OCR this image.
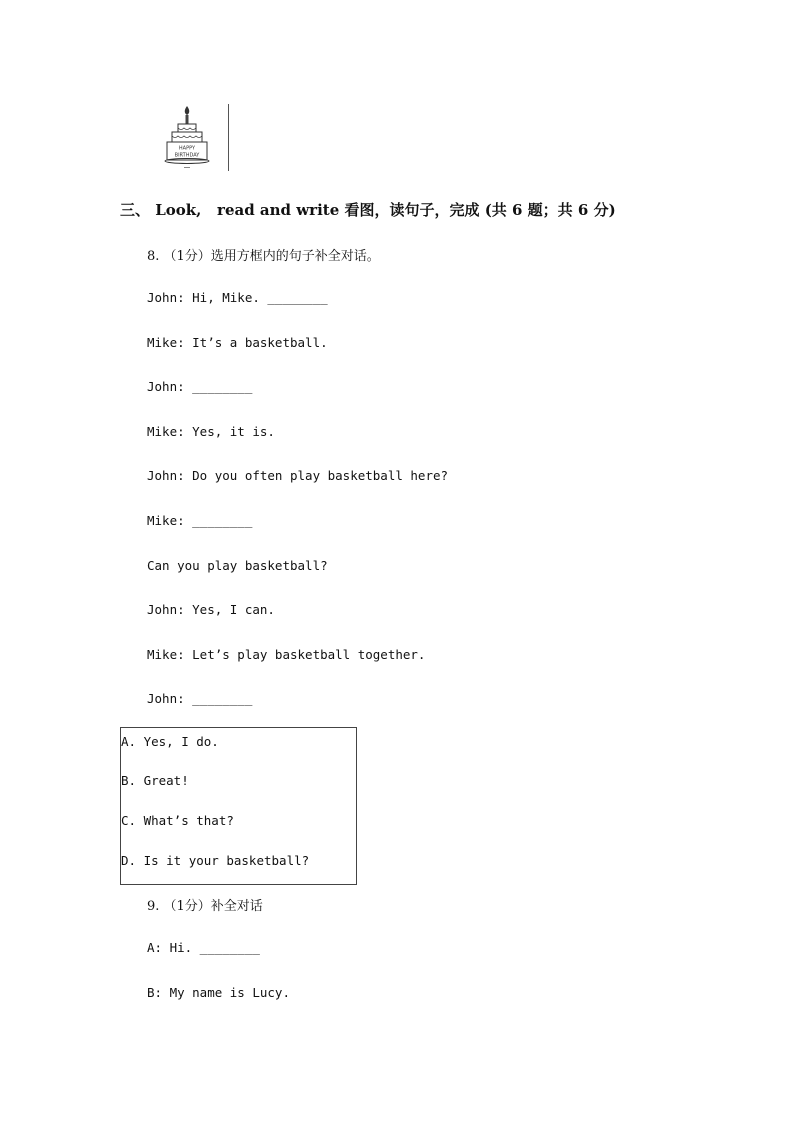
HAPPY
BIRTHDAY
三、 Look,   read and write 看图，读句子，完成 (共 6 题；共 6 分)
8. （1分）选用方框内的句子补全对话。
John: Hi, Mike. ________
Mike: It’s a basketball.
John: ________
Mike: Yes, it is.
John: Do you often play basketball here?
Mike: ________
Can you play basketball?
John: Yes, I can.
Mike: Let’s play basketball together.
John: ________
A. Yes, I do.
B. Great!
C. What’s that?
D. Is it your basketball?
9. （1分）补全对话
A: Hi. ________
B: My name is Lucy.
